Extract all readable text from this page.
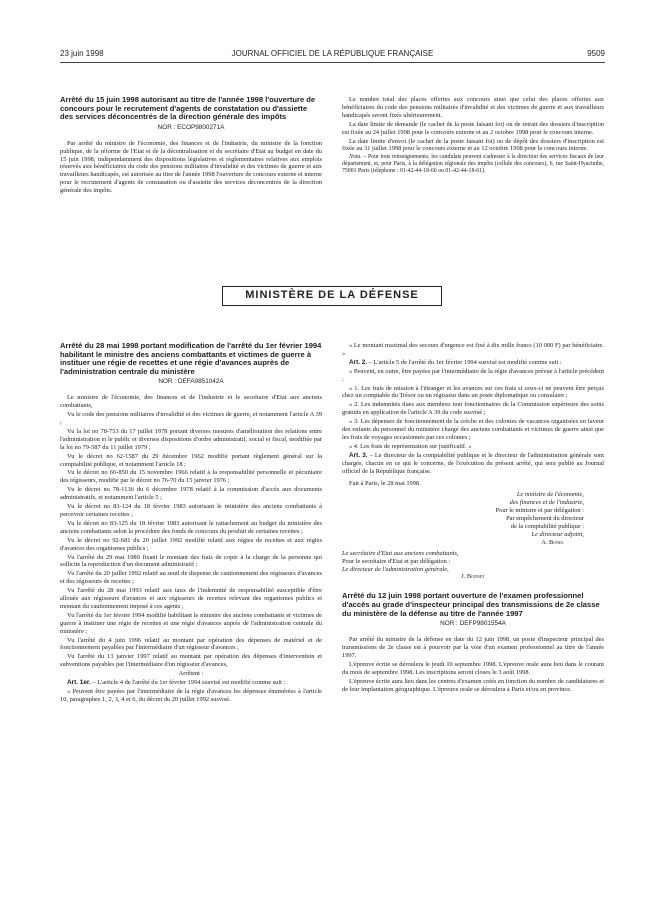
23 juin 1998	JOURNAL OFFICIEL DE LA RÉPUBLIQUE FRANÇAISE	9509

Arrêté du 15 juin 1998 autorisant au titre de l'année 1998 l'ouverture de concours pour le recrutement d'agents de constatation ou d'assiette des services déconcentrés de la direction générale des impôts

NOR : ECOP9800271A

Par arrêté du ministre de l'économie, des finances et de l'industrie, du ministre de la fonction publique, de la réforme de l'Etat et de la décentralisation et du secrétaire d'Etat au budget en date du 15 juin 1998, indépendamment des dispositions législatives et réglementaires relatives aux emplois réservés aux bénéficiaires du code des pensions militaires d'invalidité et des victimes de guerre et aux travailleurs handicapés, est autorisée au titre de l'année 1998 l'ouverture de concours externe et interne pour le recrutement d'agents de constatation ou d'assiette des services déconcentrés de la direction générale des impôts.

Le nombre total des places offertes aux concours ainsi que celui des places offertes aux bénéficiaires du code des pensions militaires d'invalidité et des victimes de guerre et aux travailleurs handicapés seront fixés ultérieurement.

La date limite de demande (le cachet de la poste faisant foi) ou de retrait des dossiers d'inscription est fixée au 24 juillet 1998 pour le concours externe et au 2 octobre 1998 pour le concours interne.

La date limite d'envoi (le cachet de la poste faisant foi) ou de dépôt des dossiers d'inscription est fixée au 31 juillet 1998 pour le concours externe et au 12 octobre 1998 pour le concours interne.

Nota. – Pour tous renseignements, les candidats peuvent s'adresser à la direction des services fiscaux de leur département, et, pour Paris, à la délégation régionale des impôts (cellule des concours), 6, rue Saint-Hyacinthe, 75001 Paris (téléphone : 01-42-44-18-60 ou 01-42-44-18-61).

MINISTÈRE DE LA DÉFENSE

Arrêté du 28 mai 1998 portant modification de l'arrêté du 1er février 1994 habilitant le ministre des anciens combattants et victimes de guerre à instituer une régie de recettes et une régie d'avances auprès de l'administration centrale du ministère

NOR : DEFA9851042A

Le ministre de l'économie, des finances et de l'industrie et le secrétaire d'Etat aux anciens combattants,

Vu le code des pensions militaires d'invalidité et des victimes de guerre, et notamment l'article A 39 ;

Vu la loi no 78-753 du 17 juillet 1978 portant diverses mesures d'amélioration des relations entre l'administration et le public et diverses dispositions d'ordre administratif, social et fiscal, modifiée par la loi no 79-587 du 11 juillet 1979 ;

Vu le décret no 62-1587 du 29 décembre 1962 modifié portant règlement général sur la comptabilité publique, et notamment l'article 18 ;

Vu le décret no 66-850 du 15 novembre 1966 relatif à la responsabilité personnelle et pécuniaire des régisseurs, modifié par le décret no 76-70 du 15 janvier 1976 ;

Vu le décret no 78-1136 du 6 décembre 1978 relatif à la commission d'accès aux documents administratifs, et notamment l'article 5 ;

Vu le décret no 83-124 du 18 février 1983 autorisant le ministère des anciens combattants à percevoir certaines recettes ;

Vu le décret no 83-125 du 18 février 1983 autorisant le rattachement au budget du ministère des anciens combattants selon la procédure des fonds de concours du produit de certaines recettes ;

Vu le décret no 92-681 du 20 juillet 1992 modifié relatif aux régies de recettes et aux régies d'avances des organismes publics ;

Vu l'arrêté du 29 mai 1980 fixant le montant des frais de copie à la charge de la personne qui sollicite la reproduction d'un document administratif ;

Vu l'arrêté du 20 juillet 1992 relatif au seuil de dispense de cautionnement des régisseurs d'avances et des régisseurs de recettes ;

Vu l'arrêté du 28 mai 1993 relatif aux taux de l'indemnité de responsabilité susceptible d'être allouée aux régisseurs d'avances et aux régisseurs de recettes relevant des organismes publics et montant du cautionnement imposé à ces agents ;

Vu l'arrêté du 1er février 1994 modifié habilitant le ministre des anciens combattants et victimes de guerre à instituer une régie de recettes et une régie d'avances auprès de l'administration centrale du ministère ;

Vu l'arrêté du 4 juin 1996 relatif au montant par opération des dépenses de matériel et de fonctionnement payables par l'intermédiaire d'un régisseur d'avances ;

Vu l'arrêté du 13 janvier 1997 relatif au montant par opération des dépenses d'intervention et subventions payables par l'intermédiaire d'un régisseur d'avances,

Arrêtent :

Art. 1er. – L'article 4 de l'arrêté du 1er février 1994 susvisé est modifié comme suit :

« Peuvent être payées par l'intermédiaire de la régie d'avances les dépenses énumérées à l'article 10, paragraphes 1, 2, 3, 4 et 6, du décret du 20 juillet 1992 susvisé.

« Le montant maximal des secours d'urgence est fixé à dix mille francs (10 000 F) par bénéficiaire. »

Art. 2. – L'article 5 de l'arrêté du 1er février 1994 susvisé est modifié comme suit :

« Peuvent, en outre, être payées par l'intermédiaire de la régie d'avances prévue à l'article précédent :

« 1. Les frais de mission à l'étranger et les avances sur ces frais si ceux-ci ne peuvent être perçus chez un comptable du Trésor ou un régisseur dans un poste diplomatique ou consulaire ;

« 2. Les indemnités dues aux membres non fonctionnaires de la Commission supérieure des soins gratuits en application de l'article A 39 du code susvisé ;

« 3. Les dépenses de fonctionnement de la crèche et des colonies de vacances organisées en faveur des enfants du personnel du ministère chargé des anciens combattants et victimes de guerre ainsi que les frais de voyages occasionnés par ces colonies ;

« 4. Les frais de représentation sur justificatif. »

Art. 3. – Le directeur de la comptabilité publique et le directeur de l'administration générale sont chargés, chacun en ce qui le concerne, de l'exécution du présent arrêté, qui sera publié au Journal officiel de la République française.

Fait à Paris, le 28 mai 1998.

Le ministre de l'économie,

des finances et de l'industrie,

Pour le ministre et par délégation :

Par empêchement du directeur

de la comptabilité publique :

Le directeur adjoint,

A. Bonel

Le secrétaire d'Etat aux anciens combattants,

Pour le secrétaire d'Etat et par délégation :

Le directeur de l'administration générale,

J. Bonnet

Arrêté du 12 juin 1998 portant ouverture de l'examen professionnel d'accès au grade d'inspecteur principal des transmissions de 2e classe du ministère de la défense au titre de l'année 1997

NOR : DEFP9801554A

Par arrêté du ministre de la défense en date du 12 juin 1998, un poste d'inspecteur principal des transmissions de 2e classe est à pourvoir par la voie d'un examen professionnel au titre de l'année 1997.

L'épreuve écrite se déroulera le jeudi 10 septembre 1998. L'épreuve orale aura lieu dans le courant du mois de septembre 1998. Les inscriptions seront closes le 3 août 1998.

L'épreuve écrite aura lieu dans les centres d'examen créés en fonction du nombre de candidatures et de leur implantation géographique. L'épreuve orale se déroulera à Paris et/ou en province.
